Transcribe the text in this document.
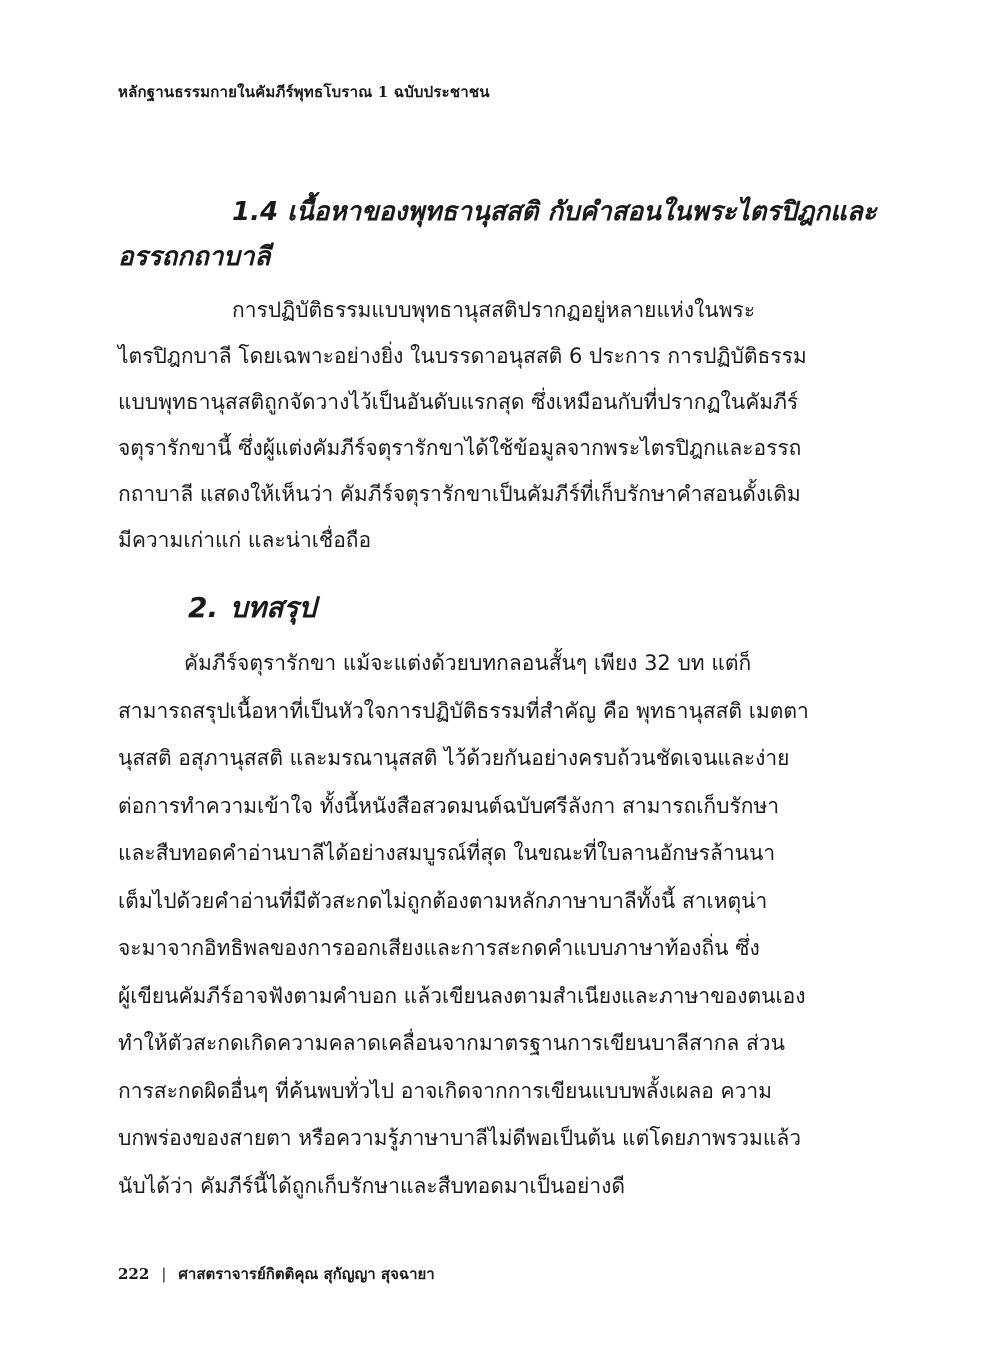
หลักฐานธรรมกายในคัมภีร์พุทธโบราณ 1 ฉบับประชาชน
1.4 เนื้อหาของพุทธานุสสติ กับคำสอนในพระไตรปิฎกและ
อรรถกถาบาลี

การปฏิบัติธรรมแบบพุทธานุสสติปรากฏอยู่หลายแห่งในพระ
ไตรปิฎกบาลี โดยเฉพาะอย่างยิ่ง ในบรรดาอนุสสติ 6 ประการ การปฏิบัติธรรม
แบบพุทธานุสสติถูกจัดวางไว้เป็นอันดับแรกสุด ซึ่งเหมือนกับที่ปรากฏในคัมภีร์
จตุรารักขานี้ ซึ่งผู้แต่งคัมภีร์จตุรารักขาได้ใช้ข้อมูลจากพระไตรปิฎกและอรรถ
กถาบาลี แสดงให้เห็นว่า คัมภีร์จตุรารักขาเป็นคัมภีร์ที่เก็บรักษาคำสอนดั้งเดิม
มีความเก่าแก่ และน่าเชื่อถือ

2. บทสรุป

คัมภีร์จตุรารักขา แม้จะแต่งด้วยบทกลอนสั้นๆ เพียง 32 บท แต่ก็
สามารถสรุปเนื้อหาที่เป็นหัวใจการปฏิบัติธรรมที่สำคัญ คือ พุทธานุสสติ เมตตา
นุสสติ อสุภานุสสติ และมรณานุสสติ ไว้ด้วยกันอย่างครบถ้วนชัดเจนและง่าย
ต่อการทำความเข้าใจ ทั้งนี้หนังสือสวดมนต์ฉบับศรีลังกา สามารถเก็บรักษา
และสืบทอดคำอ่านบาลีได้อย่างสมบูรณ์ที่สุด ในขณะที่ใบลานอักษรล้านนา
เต็มไปด้วยคำอ่านที่มีตัวสะกดไม่ถูกต้องตามหลักภาษาบาลีทั้งนี้ สาเหตุน่า
จะมาจากอิทธิพลของการออกเสียงและการสะกดคำแบบภาษาท้องถิ่น ซึ่ง
ผู้เขียนคัมภีร์อาจฟังตามคำบอก แล้วเขียนลงตามสำเนียงและภาษาของตนเอง
ทำให้ตัวสะกดเกิดความคลาดเคลื่อนจากมาตรฐานการเขียนบาลีสากล ส่วน
การสะกดผิดอื่นๆ ที่ค้นพบทั่วไป อาจเกิดจากการเขียนแบบพลั้งเผลอ ความ
บกพร่องของสายตา หรือความรู้ภาษาบาลีไม่ดีพอเป็นต้น แต่โดยภาพรวมแล้ว
นับได้ว่า คัมภีร์นี้ได้ถูกเก็บรักษาและสืบทอดมาเป็นอย่างดี

222 | ศาสตราจารย์กิตติคุณ สุกัญญา สุจฉายา
